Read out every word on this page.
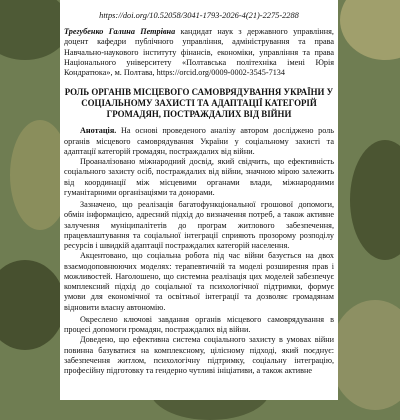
https://doi.org/10.52058/3041-1793-2026-4(21)-2275-2288
Трегубенко Галина Петрівна кандидат наук з державного управління, доцент кафедри публічного управління, адміністрування та права Навчально-наукового інституту фінансів, економіки, управління та права Національного університету «Полтавська політехніка імені Юрія Кондратюка», м. Полтава, https://orcid.org/0009-0002-3545-7134
РОЛЬ ОРГАНІВ МІСЦЕВОГО САМОВРЯДУВАННЯ УКРАЇНИ У СОЦІАЛЬНОМУ ЗАХИСТІ ТА АДАПТАЦІЇ КАТЕГОРІЙ ГРОМАДЯН, ПОСТРАЖДАЛИХ ВІД ВІЙНИ

Анотація. На основі проведеного аналізу автором досліджено роль органів місцевого самоврядування України у соціальному захисті та адаптації категорій громадян, постраждалих від війни.

Проаналізовано міжнародний досвід, який свідчить, що ефективність соціального захисту осіб, постраждалих від війни, значною мірою залежить від координації між місцевими органами влади, міжнародними гуманітарними організаціями та донорами.

Зазначено, що реалізація багатофункціональної грошової допомоги, обмін інформацією, адресний підхід до визначення потреб, а також активне залучення муніципалітетів до програм житлового забезпечення, працевлаштування та соціальної інтеграції сприяють прозорому розподілу ресурсів і швидкій адаптації постраждалих категорій населення.

Акцентовано, що соціальна робота під час війни базується на двох взаємодоповнюючих моделях: терапевтичній та моделі розширення прав і можливостей. Наголошено, що системна реалізація цих моделей забезпечує комплексний підхід до соціальної та психологічної підтримки, формує умови для економічної та освітньої інтеграції та дозволяє громадянам відновити власну автономію.

Окреслено ключові завдання органів місцевого самоврядування в процесі допомоги громадян, постраждалих від війни.

Доведено, що ефективна система соціального захисту в умовах війни повинна базуватися на комплексному, цілісному підході, який поєднує: забезпечення житлом, психологічну підтримку, соціальну інтеграцію, професійну підготовку та гендерно чутливі ініціативи, а також активне
